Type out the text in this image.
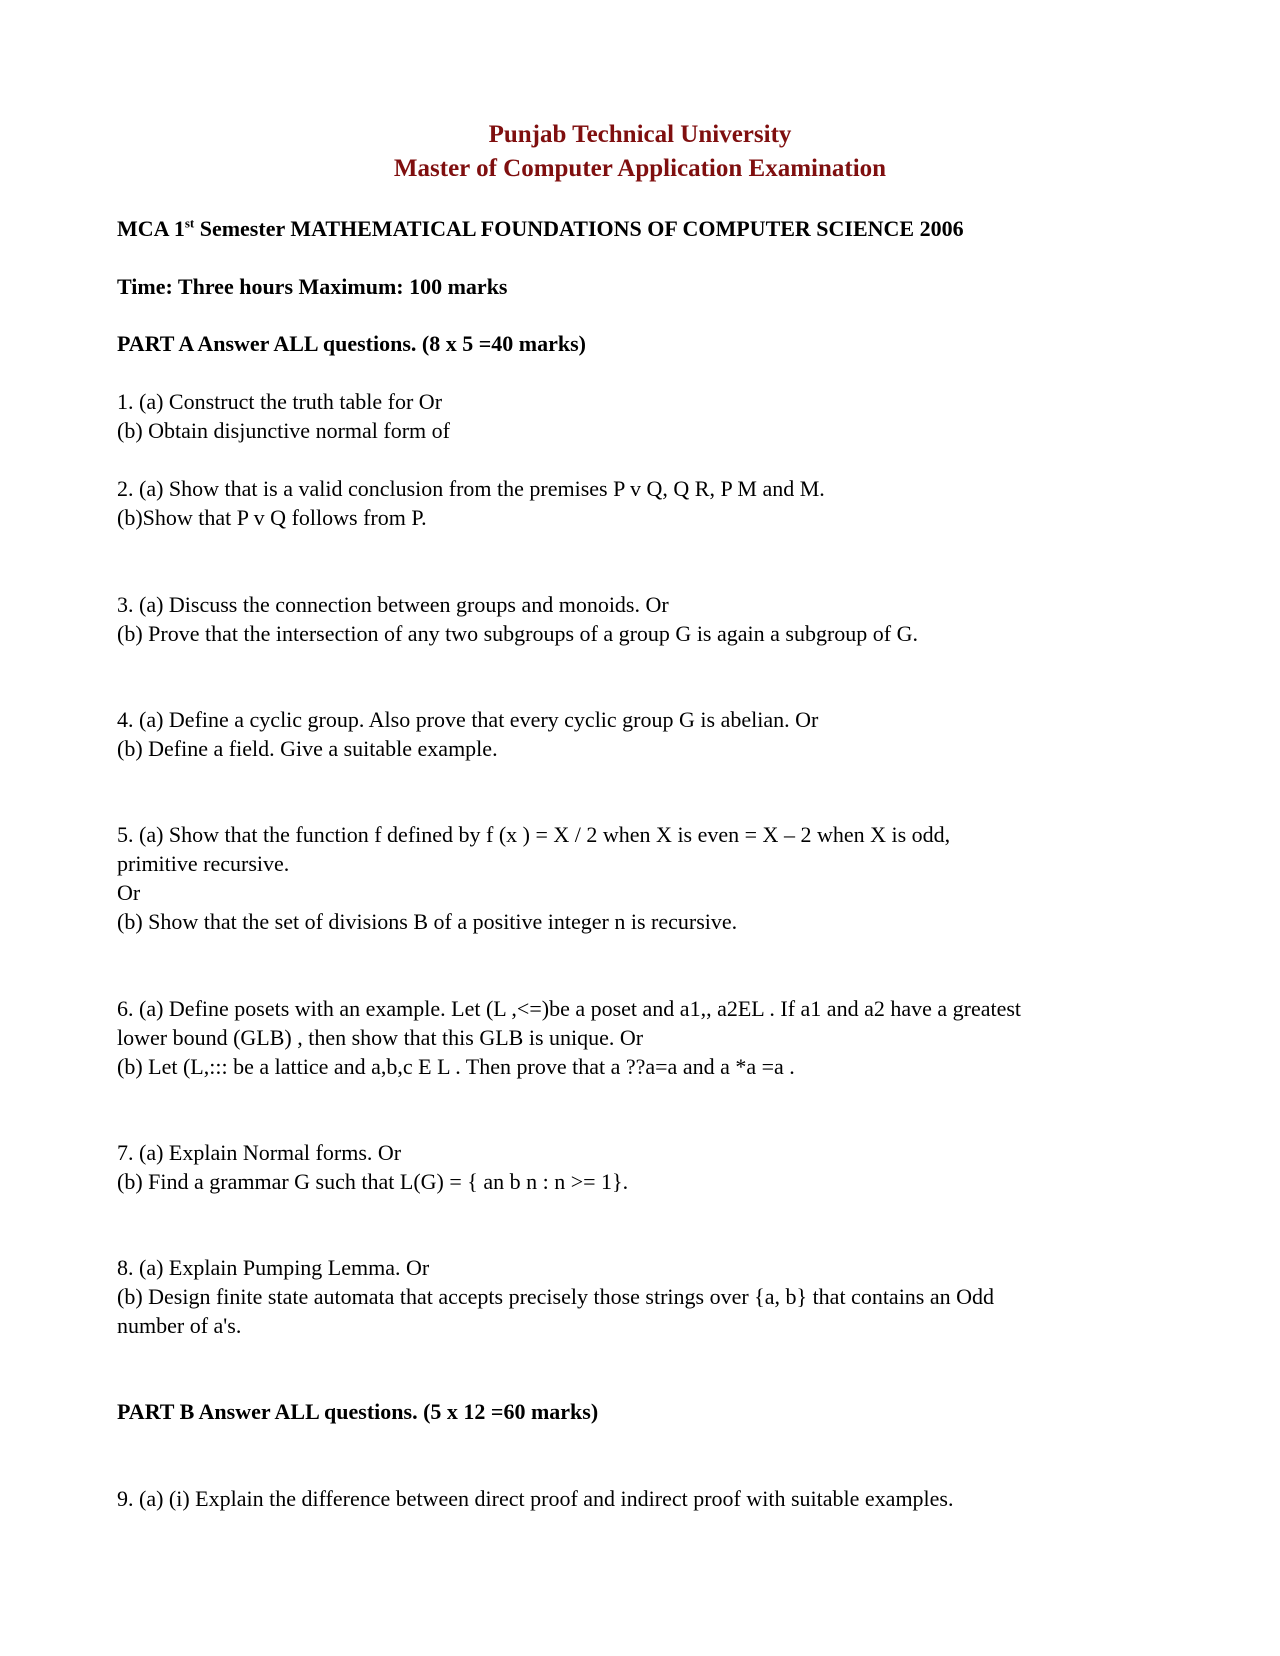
Punjab Technical University
Master of Computer Application Examination
MCA 1st Semester MATHEMATICAL FOUNDATIONS OF COMPUTER SCIENCE 2006
Time: Three hours Maximum: 100 marks
PART A Answer ALL questions. (8 x 5 =40 marks)
1. (a) Construct the truth table for Or
(b) Obtain disjunctive normal form of
2. (a) Show that is a valid conclusion from the premises P v Q, Q R, P M and M.
(b)Show that P v Q follows from P.
3. (a) Discuss the connection between groups and monoids. Or
(b) Prove that the intersection of any two subgroups of a group G is again a subgroup of G.
4. (a) Define a cyclic group. Also prove that every cyclic group G is abelian. Or
(b) Define a field. Give a suitable example.
5. (a) Show that the function f defined by f (x ) = X / 2 when X is even = X – 2 when X is odd,
primitive recursive.
Or
(b) Show that the set of divisions B of a positive integer n is recursive.
6. (a) Define posets with an example. Let (L ,<=)be a poset and a1,, a2EL . If a1 and a2 have a greatest
lower bound (GLB) , then show that this GLB is unique. Or
(b) Let (L,::: be a lattice and a,b,c E L . Then prove that a ??a=a and a *a =a .
7. (a) Explain Normal forms. Or
(b) Find a grammar G such that L(G) = { an b n : n >= 1}.
8. (a) Explain Pumping Lemma. Or
(b) Design finite state automata that accepts precisely those strings over {a, b} that contains an Odd
number of a's.
PART B Answer ALL questions. (5 x 12 =60 marks)
9. (a) (i) Explain the difference between direct proof and indirect proof with suitable examples.
